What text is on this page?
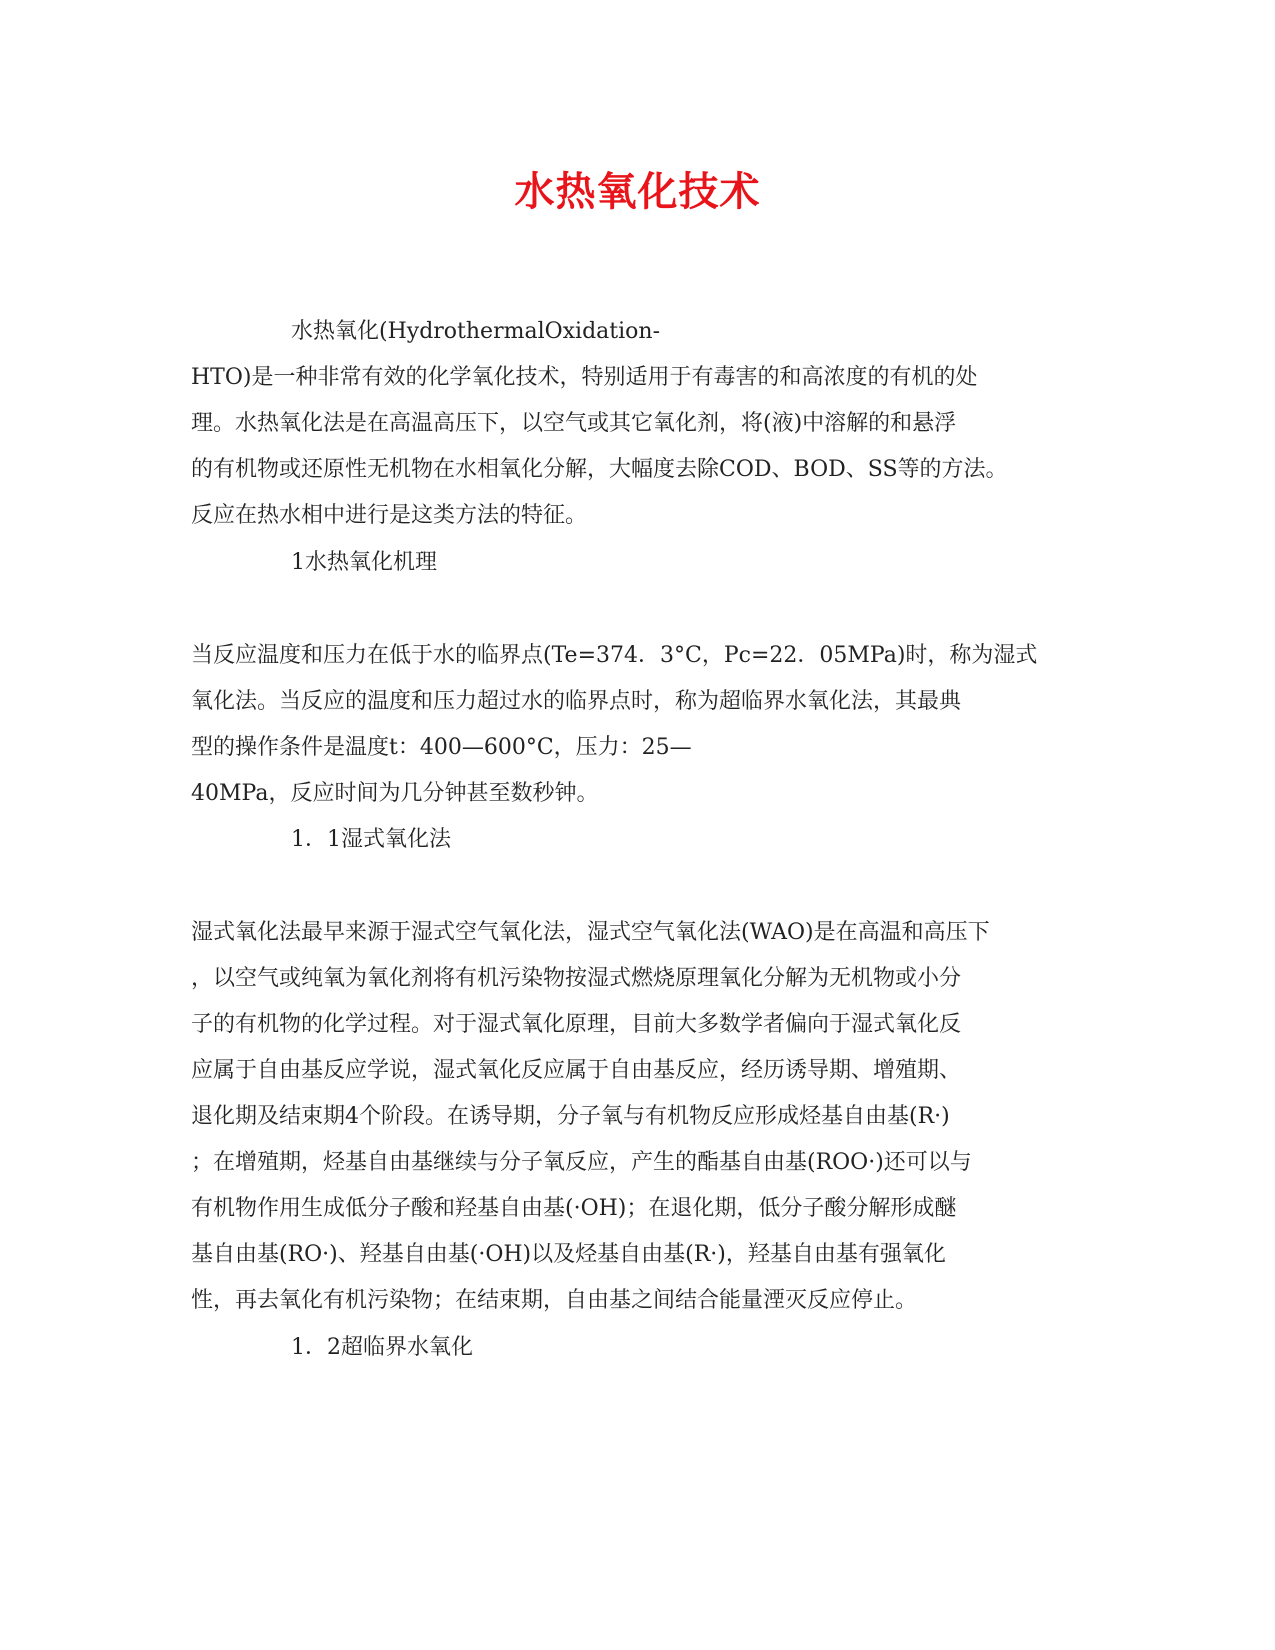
水热氧化技术

水热氧化(HydrothermalOxidation-

HTO)是一种非常有效的化学氧化技术，特别适用于有毒害的和高浓度的有机的处

理。水热氧化法是在高温高压下，以空气或其它氧化剂，将(液)中溶解的和悬浮

的有机物或还原性无机物在水相氧化分解，大幅度去除COD、BOD、SS等的方法。

反应在热水相中进行是这类方法的特征。

1水热氧化机理

当反应温度和压力在低于水的临界点(Te=374．3°C，Pc=22．05MPa)时，称为湿式

氧化法。当反应的温度和压力超过水的临界点时，称为超临界水氧化法，其最典

型的操作条件是温度t：400—600°C，压力：25—

40MPa，反应时间为几分钟甚至数秒钟。

1．1湿式氧化法

湿式氧化法最早来源于湿式空气氧化法，湿式空气氧化法(WAO)是在高温和高压下

，以空气或纯氧为氧化剂将有机污染物按湿式燃烧原理氧化分解为无机物或小分

子的有机物的化学过程。对于湿式氧化原理，目前大多数学者偏向于湿式氧化反

应属于自由基反应学说，湿式氧化反应属于自由基反应，经历诱导期、增殖期、

退化期及结束期4个阶段。在诱导期，分子氧与有机物反应形成烃基自由基(R·)

；在增殖期，烃基自由基继续与分子氧反应，产生的酯基自由基(ROO·)还可以与

有机物作用生成低分子酸和羟基自由基(·OH)；在退化期，低分子酸分解形成醚

基自由基(RO·)、羟基自由基(·OH)以及烃基自由基(R·)，羟基自由基有强氧化

性，再去氧化有机污染物；在结束期，自由基之间结合能量湮灭反应停止。

1．2超临界水氧化
